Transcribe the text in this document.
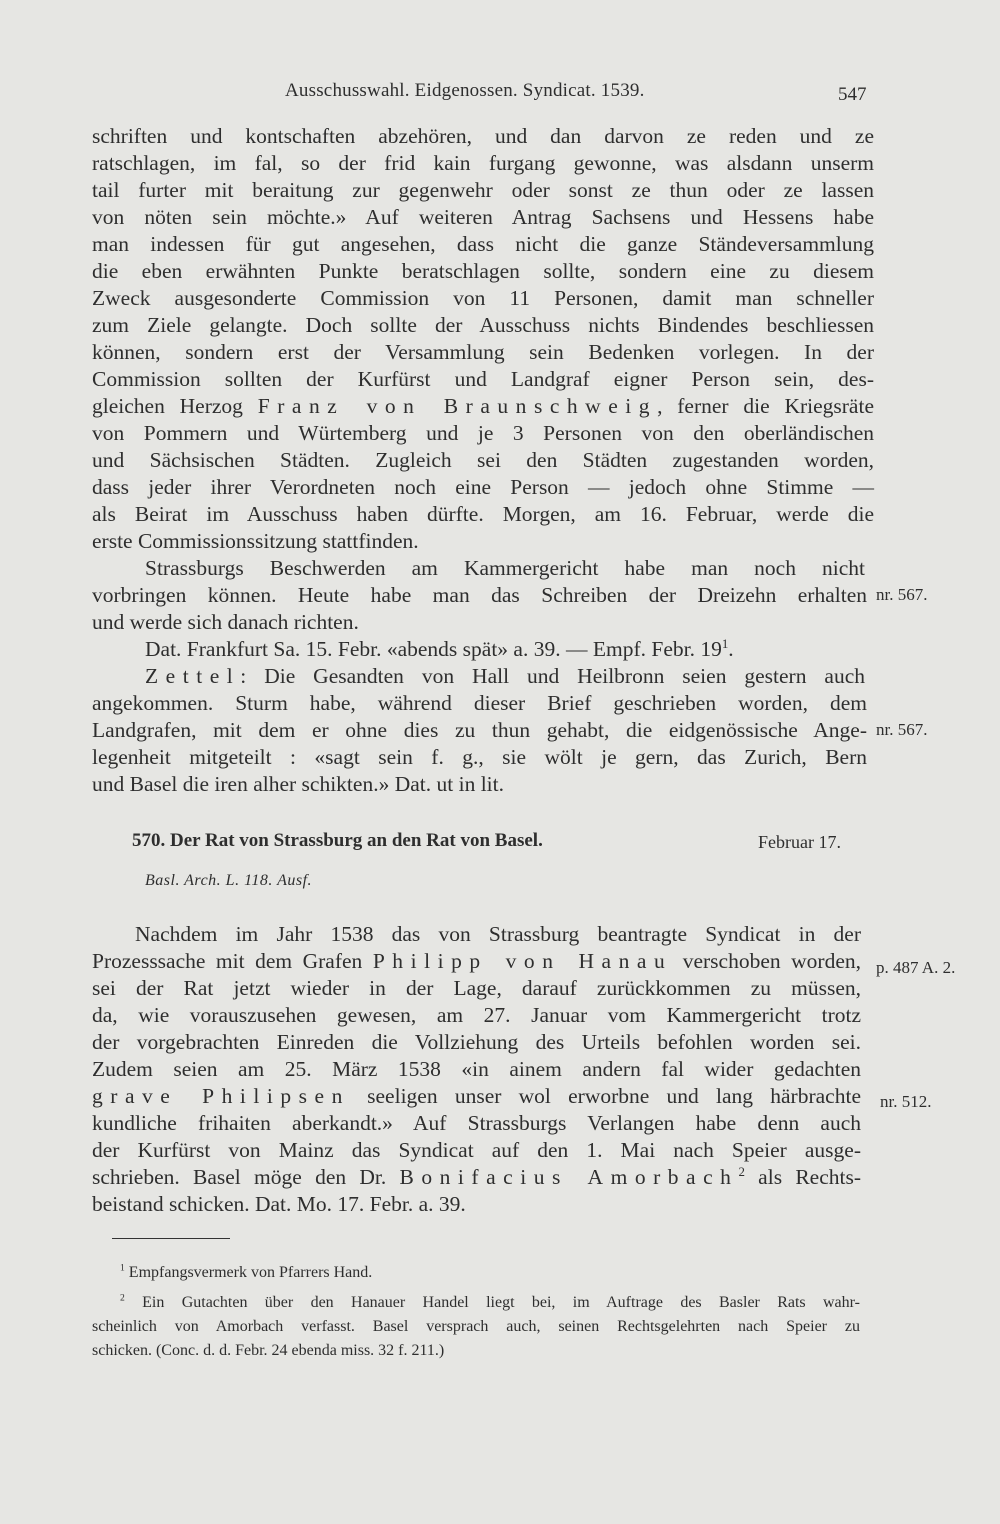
Ausschusswahl. Eidgenossen. Syndicat. 1539.	547
schriften und kontschaften abzehören, und dan darvon ze reden und ze
ratschlagen, im fal, so der frid kain furgang gewonne, was alsdann unserm
tail furter mit beraitung zur gegenwehr oder sonst ze thun oder ze lassen
von nöten sein möchte.» Auf weiteren Antrag Sachsens und Hessens habe
man indessen für gut angesehen, dass nicht die ganze Ständeversammlung
die eben erwähnten Punkte beratschlagen sollte, sondern eine zu diesem
Zweck ausgesonderte Commission von 11 Personen, damit man schneller
zum Ziele gelangte. Doch sollte der Ausschuss nichts Bindendes beschliessen
können, sondern erst der Versammlung sein Bedenken vorlegen. In der
Commission sollten der Kurfürst und Landgraf eigner Person sein, des-
gleichen Herzog Franz von Braunschweig, ferner die Kriegsräte
von Pommern und Würtemberg und je 3 Personen von den oberländischen
und Sächsischen Städten. Zugleich sei den Städten zugestanden worden,
dass jeder ihrer Verordneten noch eine Person — jedoch ohne Stimme —
als Beirat im Ausschuss haben dürfte. Morgen, am 16. Februar, werde die
erste Commissionssitzung stattfinden.
Strassburgs Beschwerden am Kammergericht habe man noch nicht
vorbringen können. Heute habe man das Schreiben der Dreizehn erhalten
und werde sich danach richten.
nr. 567.
Dat. Frankfurt Sa. 15. Febr. «abends spät» a. 39. — Empf. Febr. $19^1$.
Zettel: Die Gesandten von Hall und Heilbronn seien gestern auch
angekommen. Sturm habe, während dieser Brief geschrieben worden, dem
Landgrafen, mit dem er ohne dies zu thun gehabt, die eidgenössische Ange-
legenheit mitgeteilt : «sagt sein f. g., sie wölt je gern, das Zurich, Bern
und Basel die iren alher schikten.» Dat. ut in lit.
nr. 567.
570. Der Rat von Strassburg an den Rat von Basel.	Februar 17.
Basl. Arch. L. 118. Ausf.
Nachdem im Jahr 1538 das von Strassburg beantragte Syndicat in der
Prozesssache mit dem Grafen Philipp von Hanau verschoben worden,
sei der Rat jetzt wieder in der Lage, darauf zurückkommen zu müssen,
da, wie vorauszusehen gewesen, am 27. Januar vom Kammergericht trotz
der vorgebrachten Einreden die Vollziehung des Urteils befohlen worden sei.
Zudem seien am 25. März 1538 «in ainem andern fal wider gedachten
grave Philipsen seeligen unser wol erworbne und lang härbrachte
kundliche frihaiten aberkandt.» Auf Strassburgs Verlangen habe denn auch
der Kurfürst von Mainz das Syndicat auf den 1. Mai nach Speier ausge-
schrieben. Basel möge den Dr. Bonifacius Amorbach$^2$ als Rechts-
beistand schicken. Dat. Mo. 17. Febr. a. 39.
p. 487 A. 2.
nr. 512.
$^1$ Empfangsvermerk von Pfarrers Hand.
$^2$ Ein Gutachten über den Hanauer Handel liegt bei, im Auftrage des Basler Rats wahr-
scheinlich von Amorbach verfasst. Basel versprach auch, seinen Rechtsgelehrten nach Speier zu
schicken. (Conc. d. d. Febr. 24 ebenda miss. 32 f. 211.)
